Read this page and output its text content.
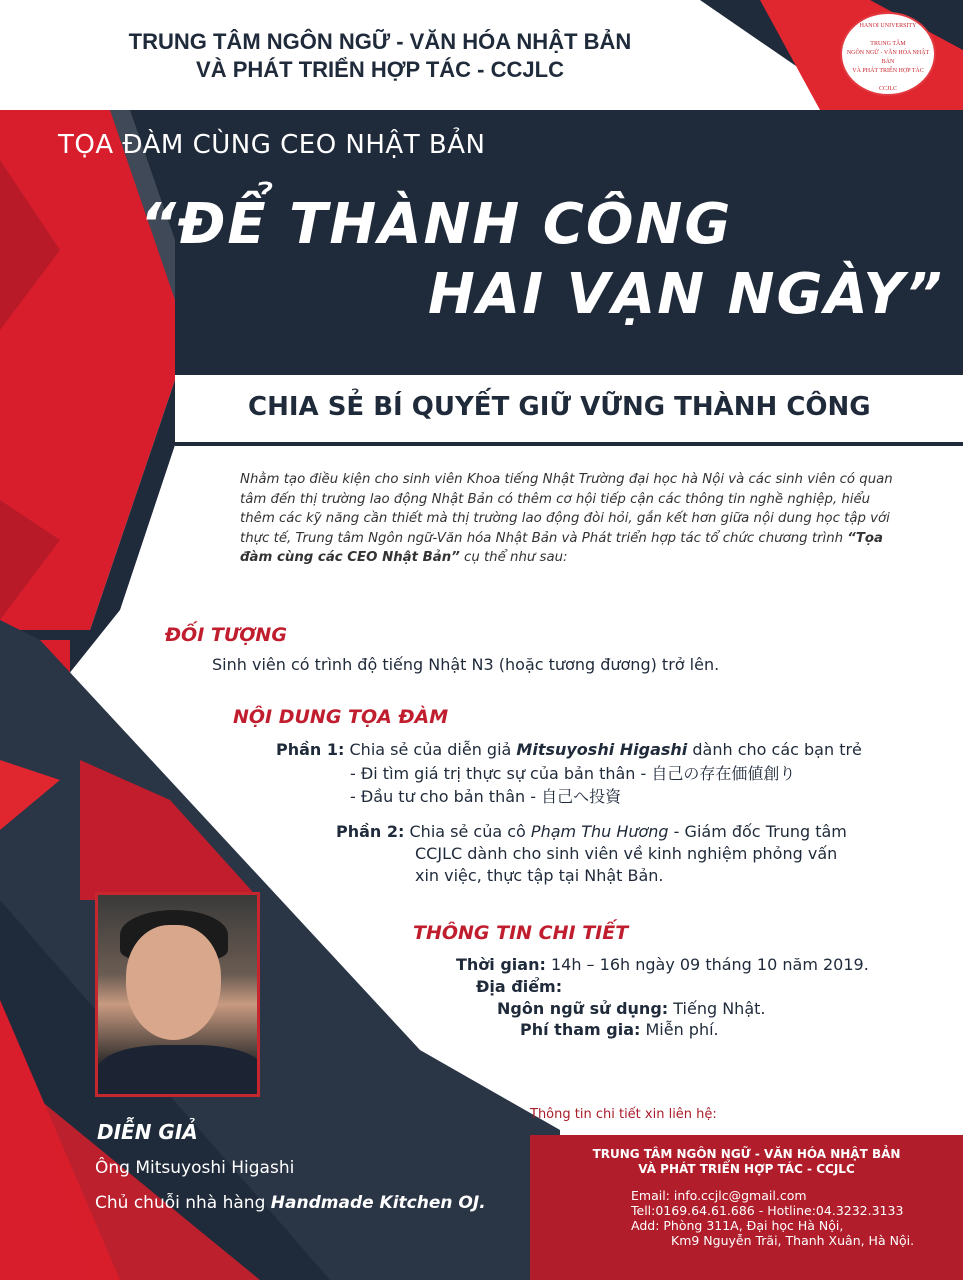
TRUNG TÂM NGÔN NGỮ - VĂN HÓA NHẬT BẢN
VÀ PHÁT TRIỂN HỢP TÁC - CCJLC
HANOI UNIVERSITY

TRUNG TÂM
NGÔN NGỮ - VĂN HÓA NHẬT BẢN
VÀ PHÁT TRIỂN HỢP TÁC

CCJLC
TỌA ĐÀM CÙNG CEO NHẬT BẢN
“ĐỂ THÀNH CÔNG
HAI VẠN NGÀY”
CHIA SẺ BÍ QUYẾT GIỮ VỮNG THÀNH CÔNG
Nhằm tạo điều kiện cho sinh viên Khoa tiếng Nhật Trường đại học hà Nội và các sinh viên có quan tâm đến thị trường lao động Nhật Bản có thêm cơ hội tiếp cận các thông tin nghề nghiệp, hiểu thêm các kỹ năng cần thiết mà thị trường lao động đòi hỏi, gắn kết hơn giữa nội dung học tập với thực tế, Trung tâm Ngôn ngữ-Văn hóa Nhật Bản và Phát triển hợp tác tổ chức chương trình “Tọa đàm cùng các CEO Nhật Bản” cụ thể như sau:
ĐỐI TƯỢNG
Sinh viên có trình độ tiếng Nhật N3 (hoặc tương đương) trở lên.
NỘI DUNG TỌA ĐÀM
Phần 1: Chia sẻ của diễn giả Mitsuyoshi Higashi dành cho các bạn trẻ
- Đi tìm giá trị thực sự của bản thân - 自己の存在価値創り
- Đầu tư cho bản thân - 自己へ投資
Phần 2: Chia sẻ của cô Phạm Thu Hương - Giám đốc Trung tâm
CCJLC dành cho sinh viên về kinh nghiệm phỏng vấn
xin việc, thực tập tại Nhật Bản.
THÔNG TIN CHI TIẾT
Thời gian: 14h – 16h ngày 09 tháng 10 năm 2019.
Địa điểm:
Ngôn ngữ sử dụng: Tiếng Nhật.
Phí tham gia: Miễn phí.
DIỄN GIẢ
Ông Mitsuyoshi Higashi
Chủ chuỗi nhà hàng Handmade Kitchen OJ.
Thông tin chi tiết xin liên hệ:
TRUNG TÂM NGÔN NGỮ - VĂN HÓA NHẬT BẢN
VÀ PHÁT TRIỂN HỢP TÁC - CCJLC
Email: info.ccjlc@gmail.com
Tell:0169.64.61.686 - Hotline:04.3232.3133
Add: Phòng 311A, Đại học Hà Nội,
Km9 Nguyễn Trãi, Thanh Xuân, Hà Nội.
